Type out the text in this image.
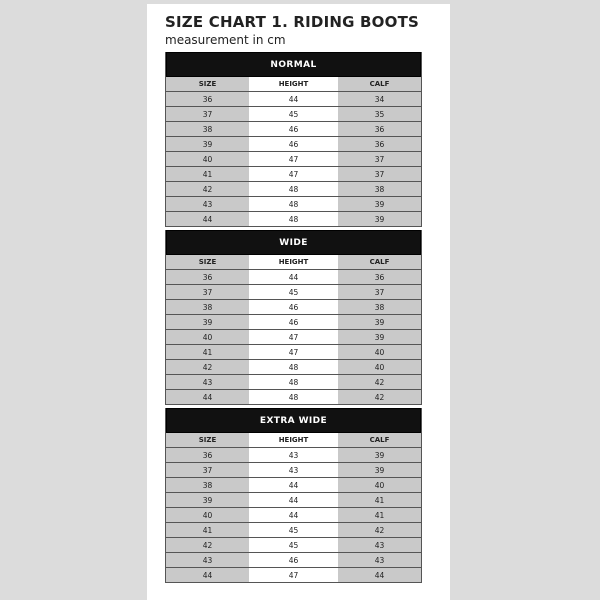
SIZE CHART 1. RIDING BOOTS
measurement in cm
NORMAL
SIZE	HEIGHT	CALF
36	44	34
37	45	35
38	46	36
39	46	36
40	47	37
41	47	37
42	48	38
43	48	39
44	48	39
WIDE
SIZE	HEIGHT	CALF
36	44	36
37	45	37
38	46	38
39	46	39
40	47	39
41	47	40
42	48	40
43	48	42
44	48	42
EXTRA WIDE
SIZE	HEIGHT	CALF
36	43	39
37	43	39
38	44	40
39	44	41
40	44	41
41	45	42
42	45	43
43	46	43
44	47	44
